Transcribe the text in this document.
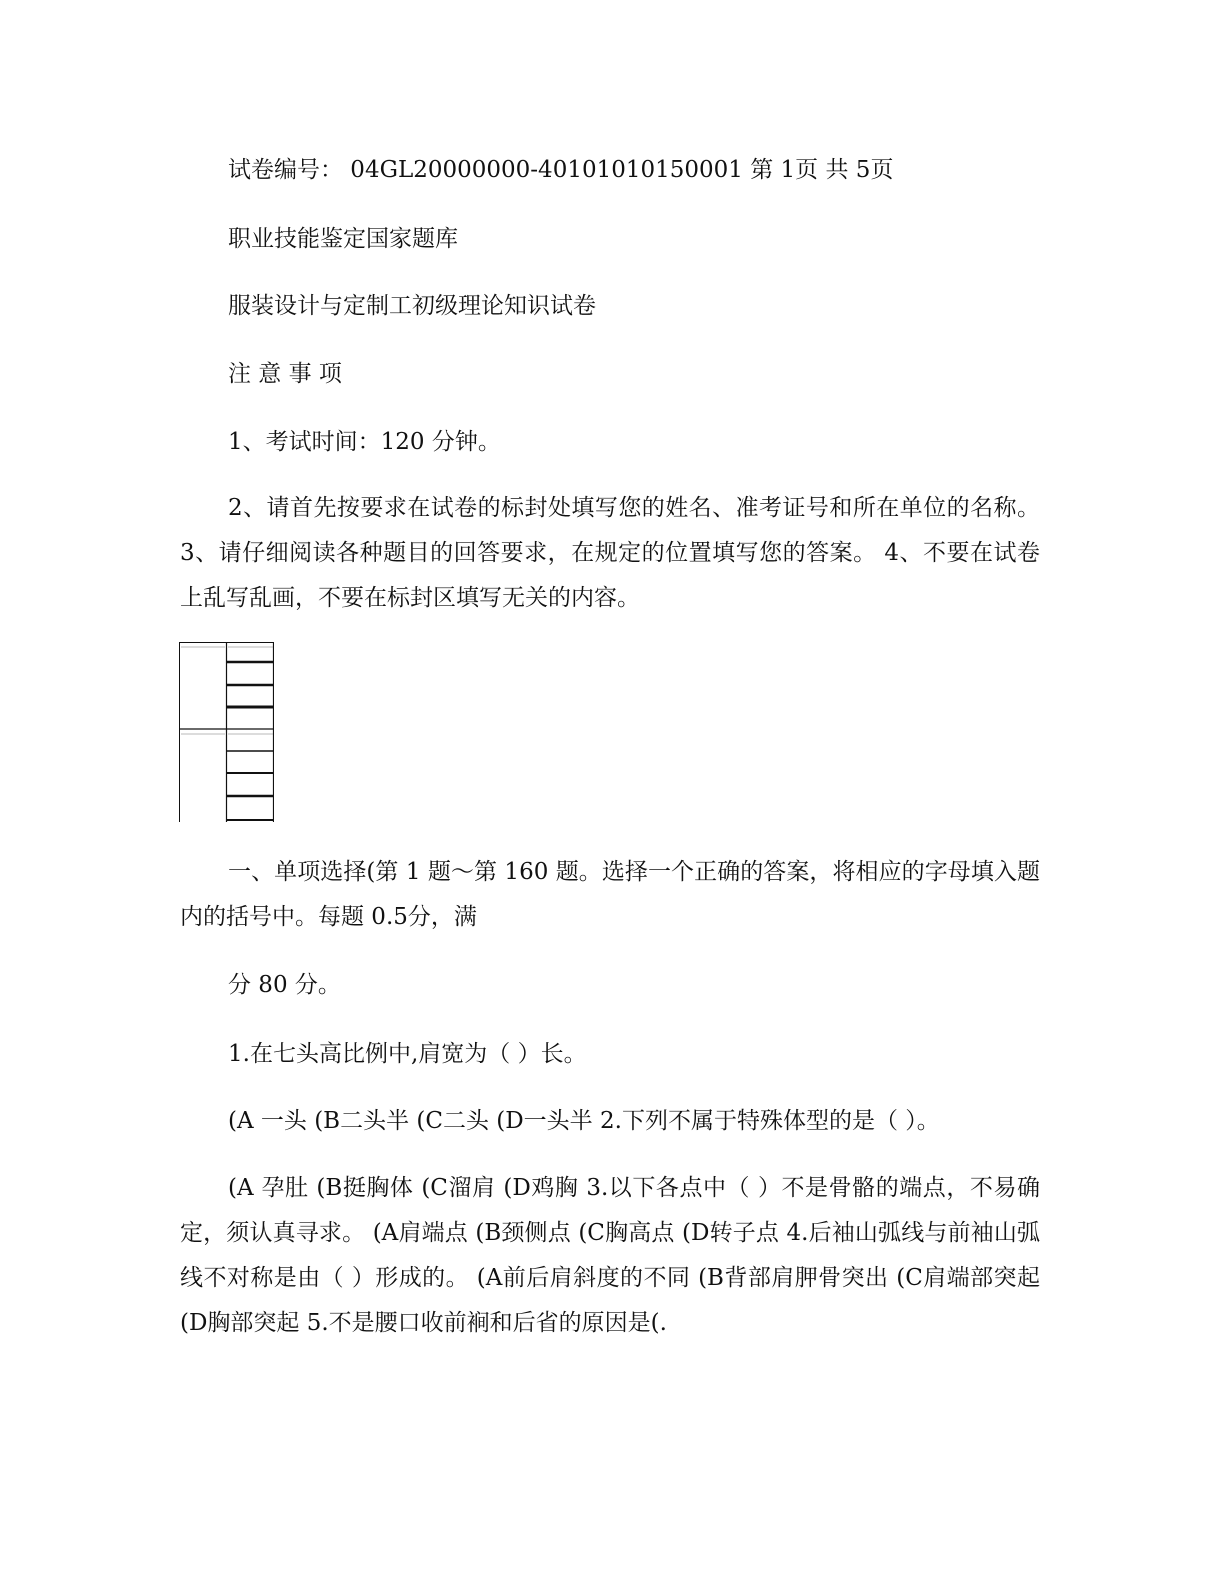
试卷编号： 04GL20000000-40101010150001 第 1页 共 5页
职业技能鉴定国家题库
服装设计与定制工初级理论知识试卷
注 意 事 项
1、考试时间：120 分钟。
2、请首先按要求在试卷的标封处填写您的姓名、准考证号和所在单位的名称。 3、请仔细阅读各种题目的回答要求，在规定的位置填写您的答案。 4、不要在试卷上乱写乱画，不要在标封区填写无关的内容。
一、单项选择(第 1 题～第 160 题。选择一个正确的答案，将相应的字母填入题内的括号中。每题 0.5分，满
分 80 分。
1.在七头高比例中,肩宽为（ ）长。
(A 一头 (B二头半 (C二头 (D一头半 2.下列不属于特殊体型的是（ ）。
(A 孕肚 (B挺胸体 (C溜肩 (D鸡胸 3.以下各点中（ ）不是骨骼的端点，不易确定，须认真寻求。 (A肩端点 (B颈侧点 (C胸高点 (D转子点 4.后袖山弧线与前袖山弧线不对称是由（ ）形成的。 (A前后肩斜度的不同 (B背部肩胛骨突出 (C肩端部突起 (D胸部突起 5.不是腰口收前裥和后省的原因是(.
